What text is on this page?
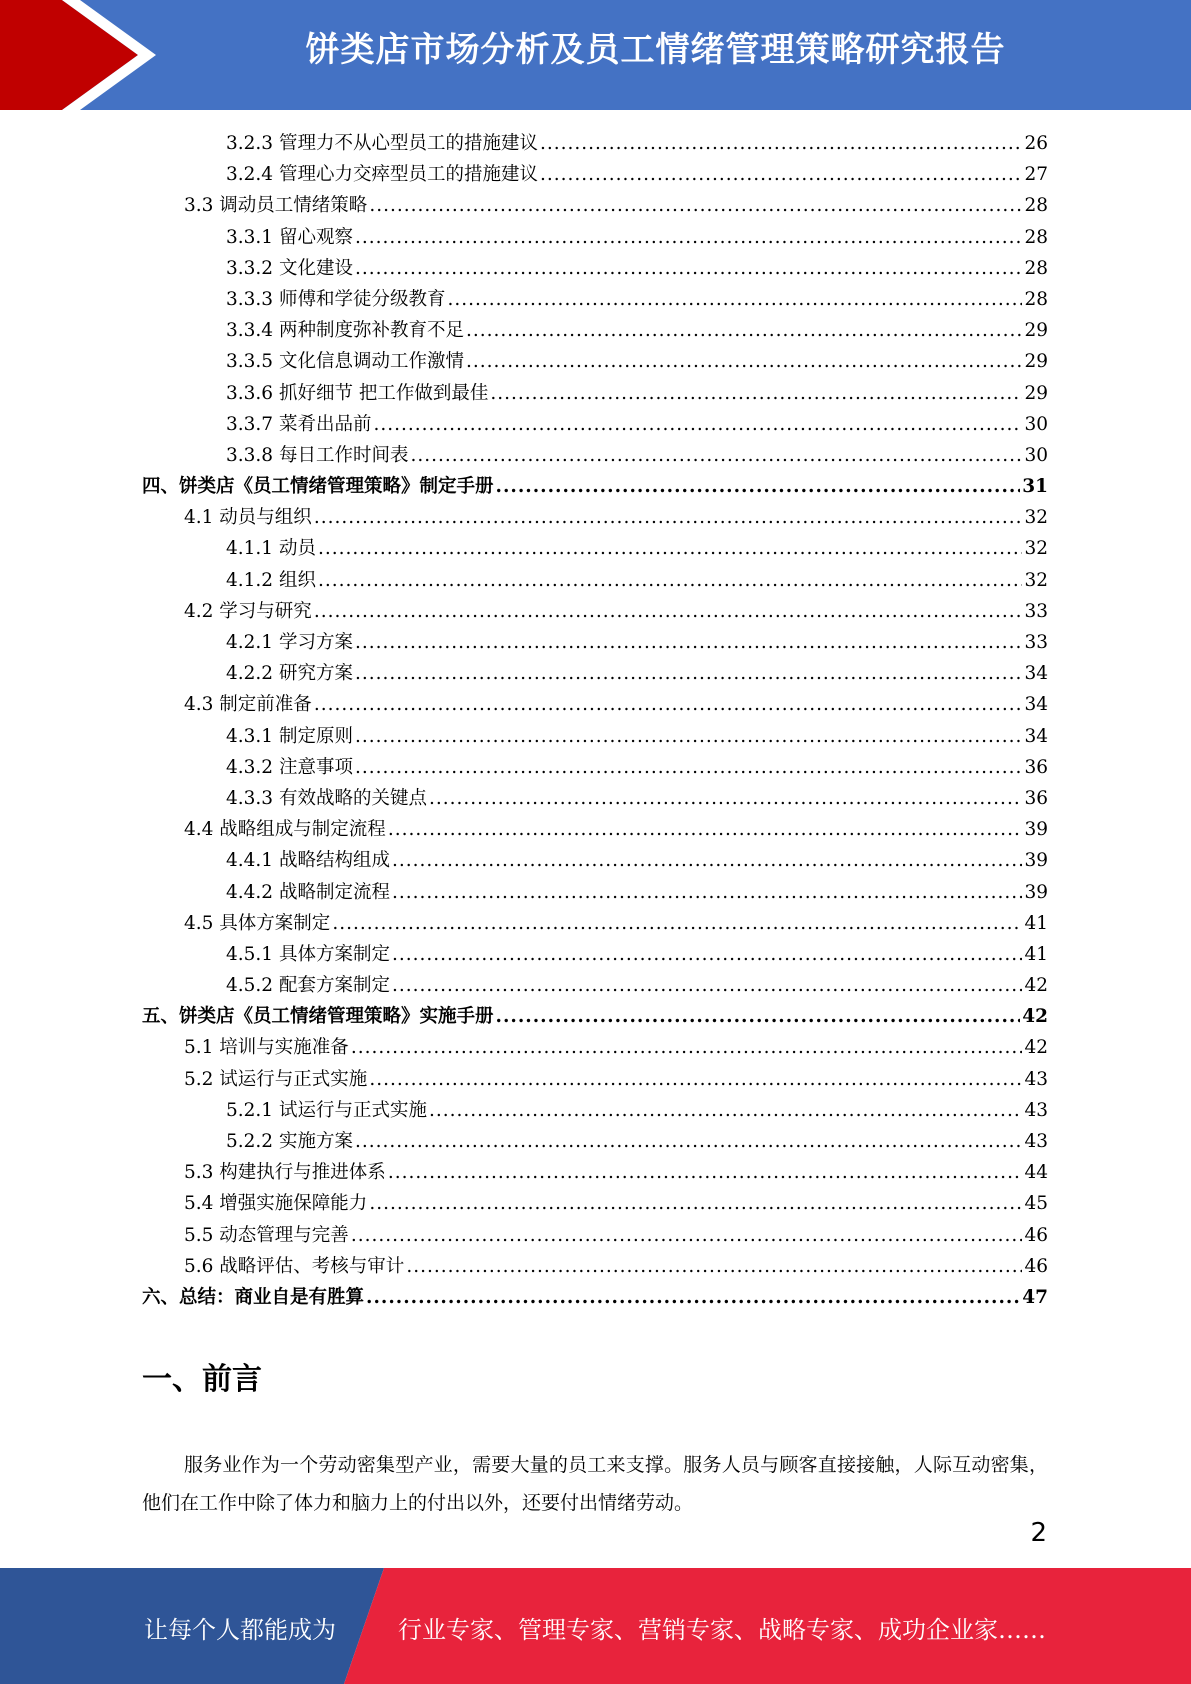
饼类店市场分析及员工情绪管理策略研究报告
3.2.3 管理力不从心型员工的措施建议 .....	26
3.2.4 管理心力交瘁型员工的措施建议 .....	27
3.3 调动员工情绪策略 .....	28
3.3.1 留心观察 .....	28
3.3.2 文化建设 .....	28
3.3.3 师傅和学徒分级教育 .....	28
3.3.4 两种制度弥补教育不足 .....	29
3.3.5 文化信息调动工作激情 .....	29
3.3.6 抓好细节 把工作做到最佳 .....	29
3.3.7 菜肴出品前 .....	30
3.3.8 每日工作时间表 .....	30
四、饼类店《员工情绪管理策略》制定手册 .....	31
4.1 动员与组织 .....	32
4.1.1 动员 .....	32
4.1.2 组织 .....	32
4.2 学习与研究 .....	33
4.2.1 学习方案 .....	33
4.2.2 研究方案 .....	34
4.3 制定前准备 .....	34
4.3.1 制定原则 .....	34
4.3.2 注意事项 .....	36
4.3.3 有效战略的关键点 .....	36
4.4 战略组成与制定流程 .....	39
4.4.1 战略结构组成 .....	39
4.4.2 战略制定流程 .....	39
4.5 具体方案制定 .....	41
4.5.1 具体方案制定 .....	41
4.5.2 配套方案制定 .....	42
五、饼类店《员工情绪管理策略》实施手册 .....	42
5.1 培训与实施准备 .....	42
5.2 试运行与正式实施 .....	43
5.2.1 试运行与正式实施 .....	43
5.2.2 实施方案 .....	43
5.3 构建执行与推进体系 .....	44
5.4 增强实施保障能力 .....	45
5.5 动态管理与完善 .....	46
5.6 战略评估、考核与审计 .....	46
六、总结：商业自是有胜算 .....	47
一、前言
服务业作为一个劳动密集型产业，需要大量的员工来支撑。服务人员与顾客直接接触，人际互动密集，他们在工作中除了体力和脑力上的付出以外，还要付出情绪劳动。
2
让每个人都能成为	行业专家、管理专家、营销专家、战略专家、成功企业家……
